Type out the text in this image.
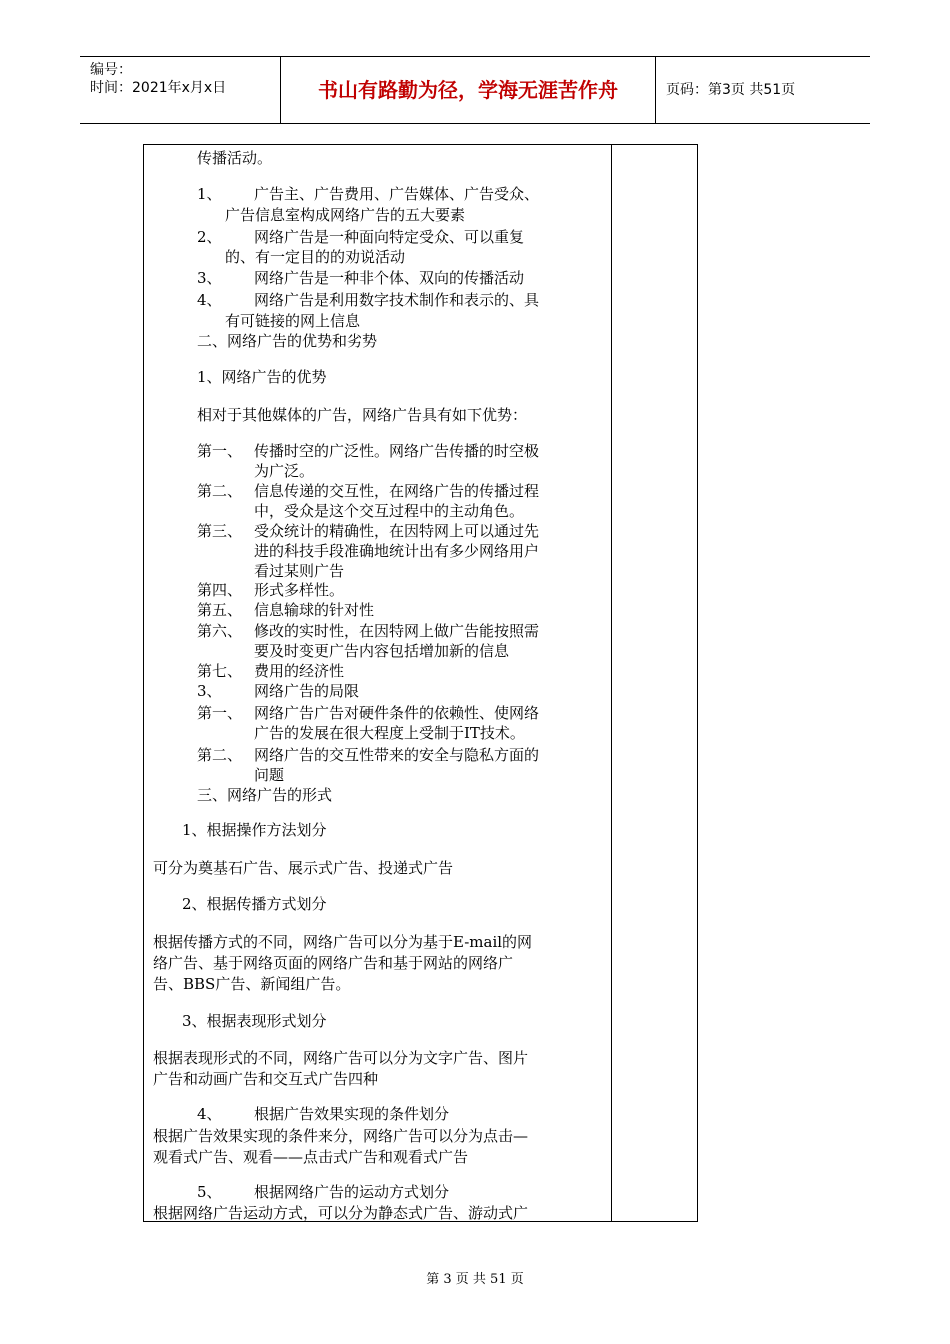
编号：
时间：2021年x月x日	书山有路勤为径，学海无涯苦作舟	页码：第3页 共51页
传播活动。
1、 广告主、广告费用、广告媒体、广告受众、
广告信息室构成网络广告的五大要素
2、 网络广告是一种面向特定受众、可以重复
的、有一定目的的劝说活动
3、 网络广告是一种非个体、双向的传播活动
4、 网络广告是利用数字技术制作和表示的、具
有可链接的网上信息
二、网络广告的优势和劣势
1、网络广告的优势
相对于其他媒体的广告，网络广告具有如下优势：
第一、 传播时空的广泛性。网络广告传播的时空极
为广泛。
第二、 信息传递的交互性，在网络广告的传播过程
中，受众是这个交互过程中的主动角色。
第三、 受众统计的精确性，在因特网上可以通过先
进的科技手段准确地统计出有多少网络用户
看过某则广告
第四、 形式多样性。
第五、 信息输球的针对性
第六、 修改的实时性，在因特网上做广告能按照需
要及时变更广告内容包括增加新的信息
第七、 费用的经济性
3、 网络广告的局限
第一、 网络广告广告对硬件条件的依赖性、使网络
广告的发展在很大程度上受制于IT技术。
第二、 网络广告的交互性带来的安全与隐私方面的
问题
三、网络广告的形式
1、根据操作方法划分
可分为奠基石广告、展示式广告、投递式广告
2、根据传播方式划分
根据传播方式的不同，网络广告可以分为基于E-mail的网
络广告、基于网络页面的网络广告和基于网站的网络广
告、BBS广告、新闻组广告。
3、根据表现形式划分
根据表现形式的不同，网络广告可以分为文字广告、图片
广告和动画广告和交互式广告四种
4、 根据广告效果实现的条件划分
根据广告效果实现的条件来分，网络广告可以分为点击—
观看式广告、观看——点击式广告和观看式广告
5、 根据网络广告的运动方式划分
根据网络广告运动方式，可以分为静态式广告、游动式广
第 3 页 共 51 页
